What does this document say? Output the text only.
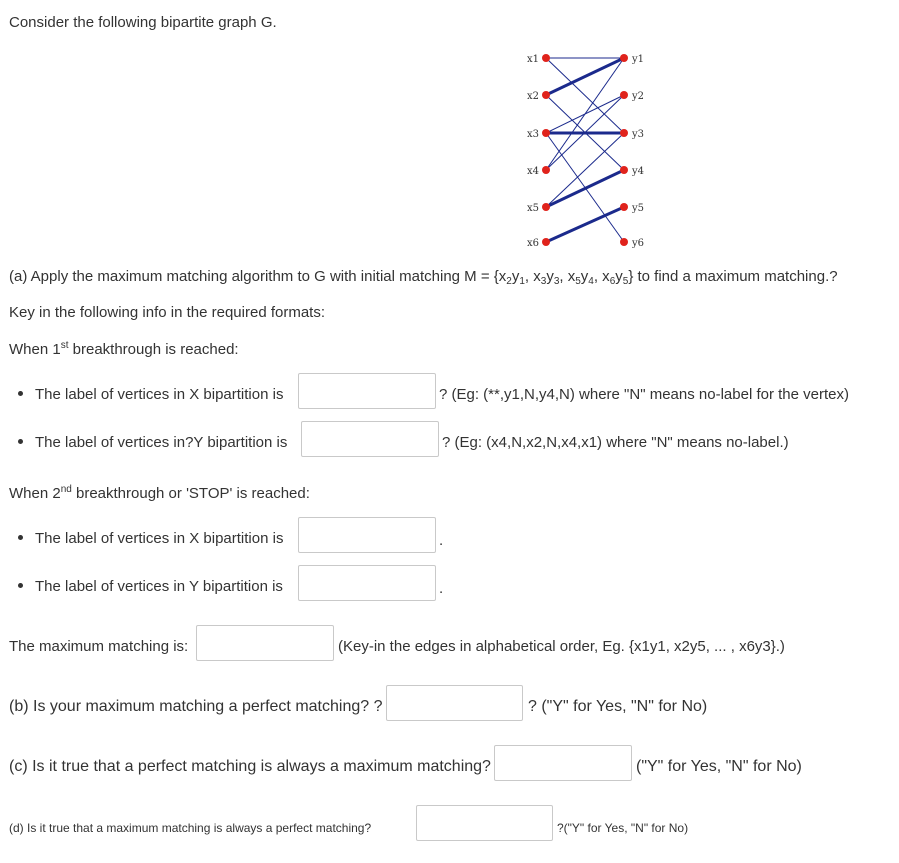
Consider the following bipartite graph G.
x1
x2
x3
x4
x5
x6
y1
y2
y3
y4
y5
y6
(a) Apply the maximum matching algorithm to G with initial matching $M = \{x_2y_1$, $x_3y_3$, $x_5y_4$, $x_6y_5$} to find a maximum matching.?
Key in the following info in the required formats:
When 1st breakthrough is reached:
The label of vertices in X bipartition is	? (Eg: (**,y1,N,y4,N) where "N" means no-label for the vertex)
The label of vertices in?Y bipartition is	? (Eg: (x4,N,x2,N,x4,x1) where "N" means no-label.)
When 2nd breakthrough or 'STOP' is reached:
The label of vertices in X bipartition is	.
The label of vertices in Y bipartition is	.
The maximum matching is:	(Key-in the edges in alphabetical order, Eg. {x1y1, x2y5, ... , x6y3}.)
(b) Is your maximum matching a perfect matching? ?	? ("Y" for Yes, "N" for No)
(c) Is it true that a perfect matching is always a maximum matching?	("Y" for Yes, "N" for No)
(d) Is it true that a maximum matching is always a perfect matching?	?("Y" for Yes, "N" for No)
